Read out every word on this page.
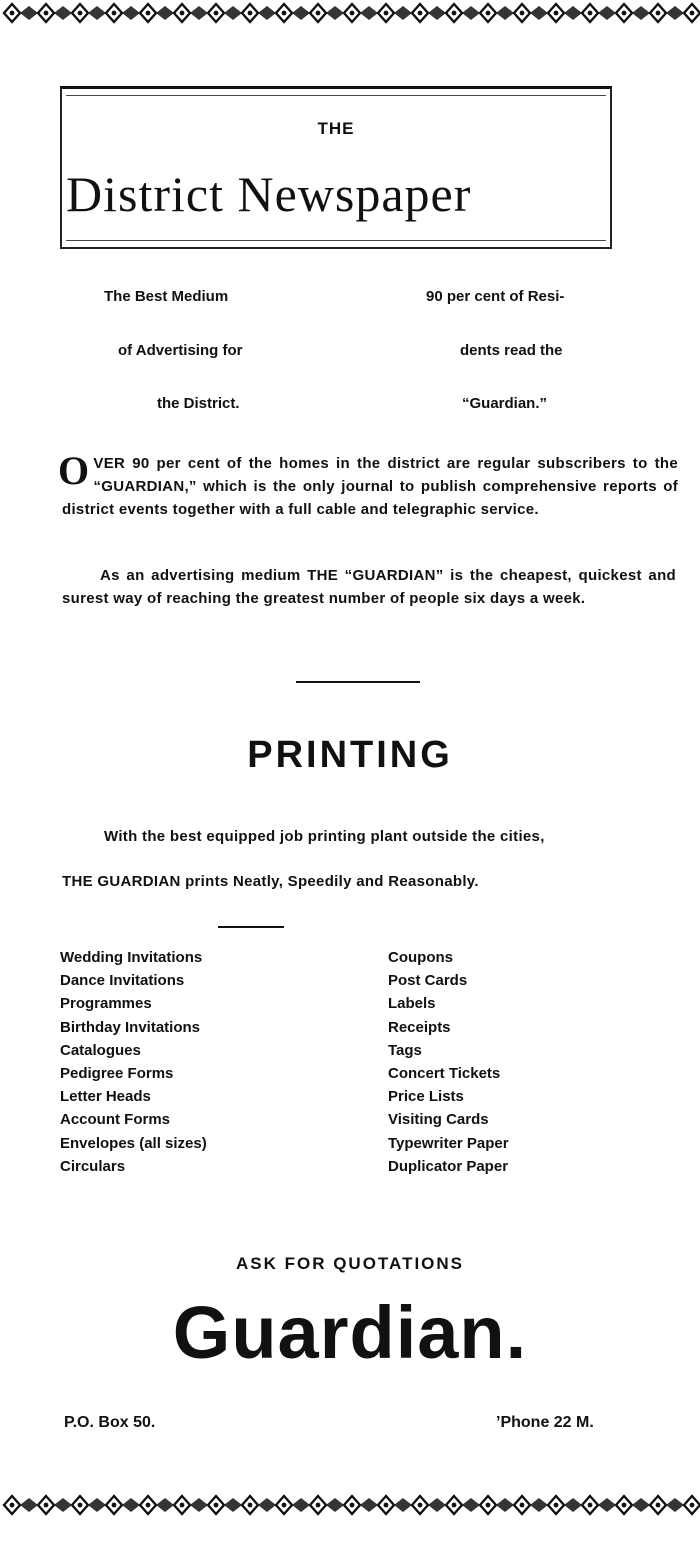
THE
District Newspaper
The Best Medium
of Advertising for
the District.
90 per cent of Resi-
dents read the
“Guardian.”
O VER 90 per cent of the homes in the district are regular subscribers to the “GUARDIAN,” which is the only journal to publish comprehensive reports of district events together with a full cable and telegraphic service.
As an advertising medium THE “GUARDIAN” is the cheapest, quickest and surest way of reaching the greatest number of people six days a week.
PRINTING
With the best equipped job printing plant outside the cities,
THE GUARDIAN prints Neatly, Speedily and Reasonably.
Wedding Invitations
Dance Invitations
Programmes
Birthday Invitations
Catalogues
Pedigree Forms
Letter Heads
Account Forms
Envelopes (all sizes)
Circulars
Coupons
Post Cards
Labels
Receipts
Tags
Concert Tickets
Price Lists
Visiting Cards
Typewriter Paper
Duplicator Paper
ASK FOR QUOTATIONS
Guardian.
P.O. Box 50.	’Phone 22 M.
